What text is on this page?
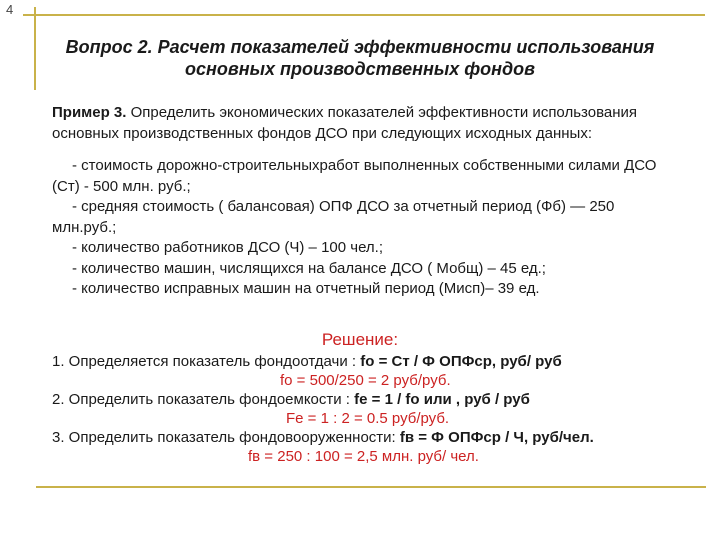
4
Вопрос 2. Расчет показателей эффективности использования
основных производственных фондов
Пример 3. Определить экономических показателей эффективности использования основных производственных фондов ДСО при следующих исходных данных:
- стоимость дорожно-строительныхработ выполненных собственными силами ДСО (Ст) - 500 млн. руб.;
- средняя стоимость ( балансовая) ОПФ ДСО за отчетный период (Фб) — 250 млн.руб.;
- количество работников ДСО (Ч) – 100 чел.;
- количество машин, числящихся на балансе ДСО ( Мобщ) – 45 ед.;
- количество исправных машин на отчетный период (Мисп)– 39 ед.
Решение:
1. Определяется показатель фондоотдачи : fо = Ст / Ф ОПФср, руб/ руб
fо = 500/250 = 2 руб/руб.
2. Определить показатель фондоемкости : fе = 1 / fо или , руб / руб
Fе = 1 : 2 = 0.5 руб/руб.
3. Определить показатель фондовооруженности: fв = Ф ОПФср / Ч, руб/чел.
fв = 250 : 100 = 2,5 млн. руб/ чел.
